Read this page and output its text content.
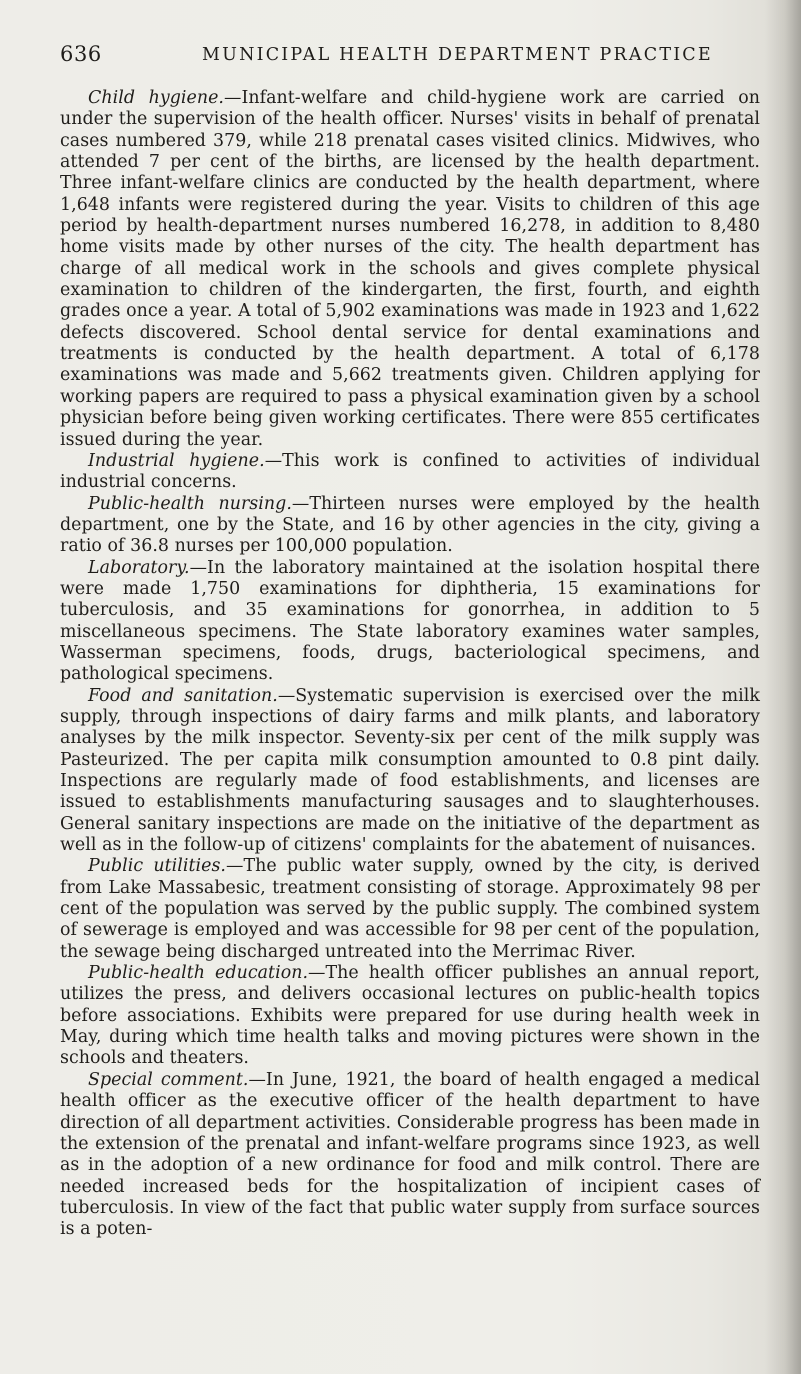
636	MUNICIPAL HEALTH DEPARTMENT PRACTICE

Child hygiene.—Infant-welfare and child-hygiene work are carried on under the supervision of the health officer. Nurses' visits in behalf of prenatal cases numbered 379, while 218 prenatal cases visited clinics. Midwives, who attended 7 per cent of the births, are licensed by the health department. Three infant-welfare clinics are conducted by the health department, where 1,648 infants were registered during the year. Visits to children of this age period by health-department nurses numbered 16,278, in addition to 8,480 home visits made by other nurses of the city. The health department has charge of all medical work in the schools and gives complete physical examination to children of the kindergarten, the first, fourth, and eighth grades once a year. A total of 5,902 examinations was made in 1923 and 1,622 defects discovered. School dental service for dental examinations and treatments is conducted by the health department. A total of 6,178 examinations was made and 5,662 treatments given. Children applying for working papers are required to pass a physical examination given by a school physician before being given working certificates. There were 855 certificates issued during the year.

Industrial hygiene.—This work is confined to activities of individual industrial concerns.

Public-health nursing.—Thirteen nurses were employed by the health department, one by the State, and 16 by other agencies in the city, giving a ratio of 36.8 nurses per 100,000 population.

Laboratory.—In the laboratory maintained at the isolation hospital there were made 1,750 examinations for diphtheria, 15 examinations for tuberculosis, and 35 examinations for gonorrhea, in addition to 5 miscellaneous specimens. The State laboratory examines water samples, Wasserman specimens, foods, drugs, bacteriological specimens, and pathological specimens.

Food and sanitation.—Systematic supervision is exercised over the milk supply, through inspections of dairy farms and milk plants, and laboratory analyses by the milk inspector. Seventy-six per cent of the milk supply was Pasteurized. The per capita milk consumption amounted to 0.8 pint daily. Inspections are regularly made of food establishments, and licenses are issued to establishments manufacturing sausages and to slaughterhouses. General sanitary inspections are made on the initiative of the department as well as in the follow-up of citizens' complaints for the abatement of nuisances.

Public utilities.—The public water supply, owned by the city, is derived from Lake Massabesic, treatment consisting of storage. Approximately 98 per cent of the population was served by the public supply. The combined system of sewerage is employed and was accessible for 98 per cent of the population, the sewage being discharged untreated into the Merrimac River.

Public-health education.—The health officer publishes an annual report, utilizes the press, and delivers occasional lectures on public-health topics before associations. Exhibits were prepared for use during health week in May, during which time health talks and moving pictures were shown in the schools and theaters.

Special comment.—In June, 1921, the board of health engaged a medical health officer as the executive officer of the health department to have direction of all department activities. Considerable progress has been made in the extension of the prenatal and infant-welfare programs since 1923, as well as in the adoption of a new ordinance for food and milk control. There are needed increased beds for the hospitalization of incipient cases of tuberculosis. In view of the fact that public water supply from surface sources is a poten-
